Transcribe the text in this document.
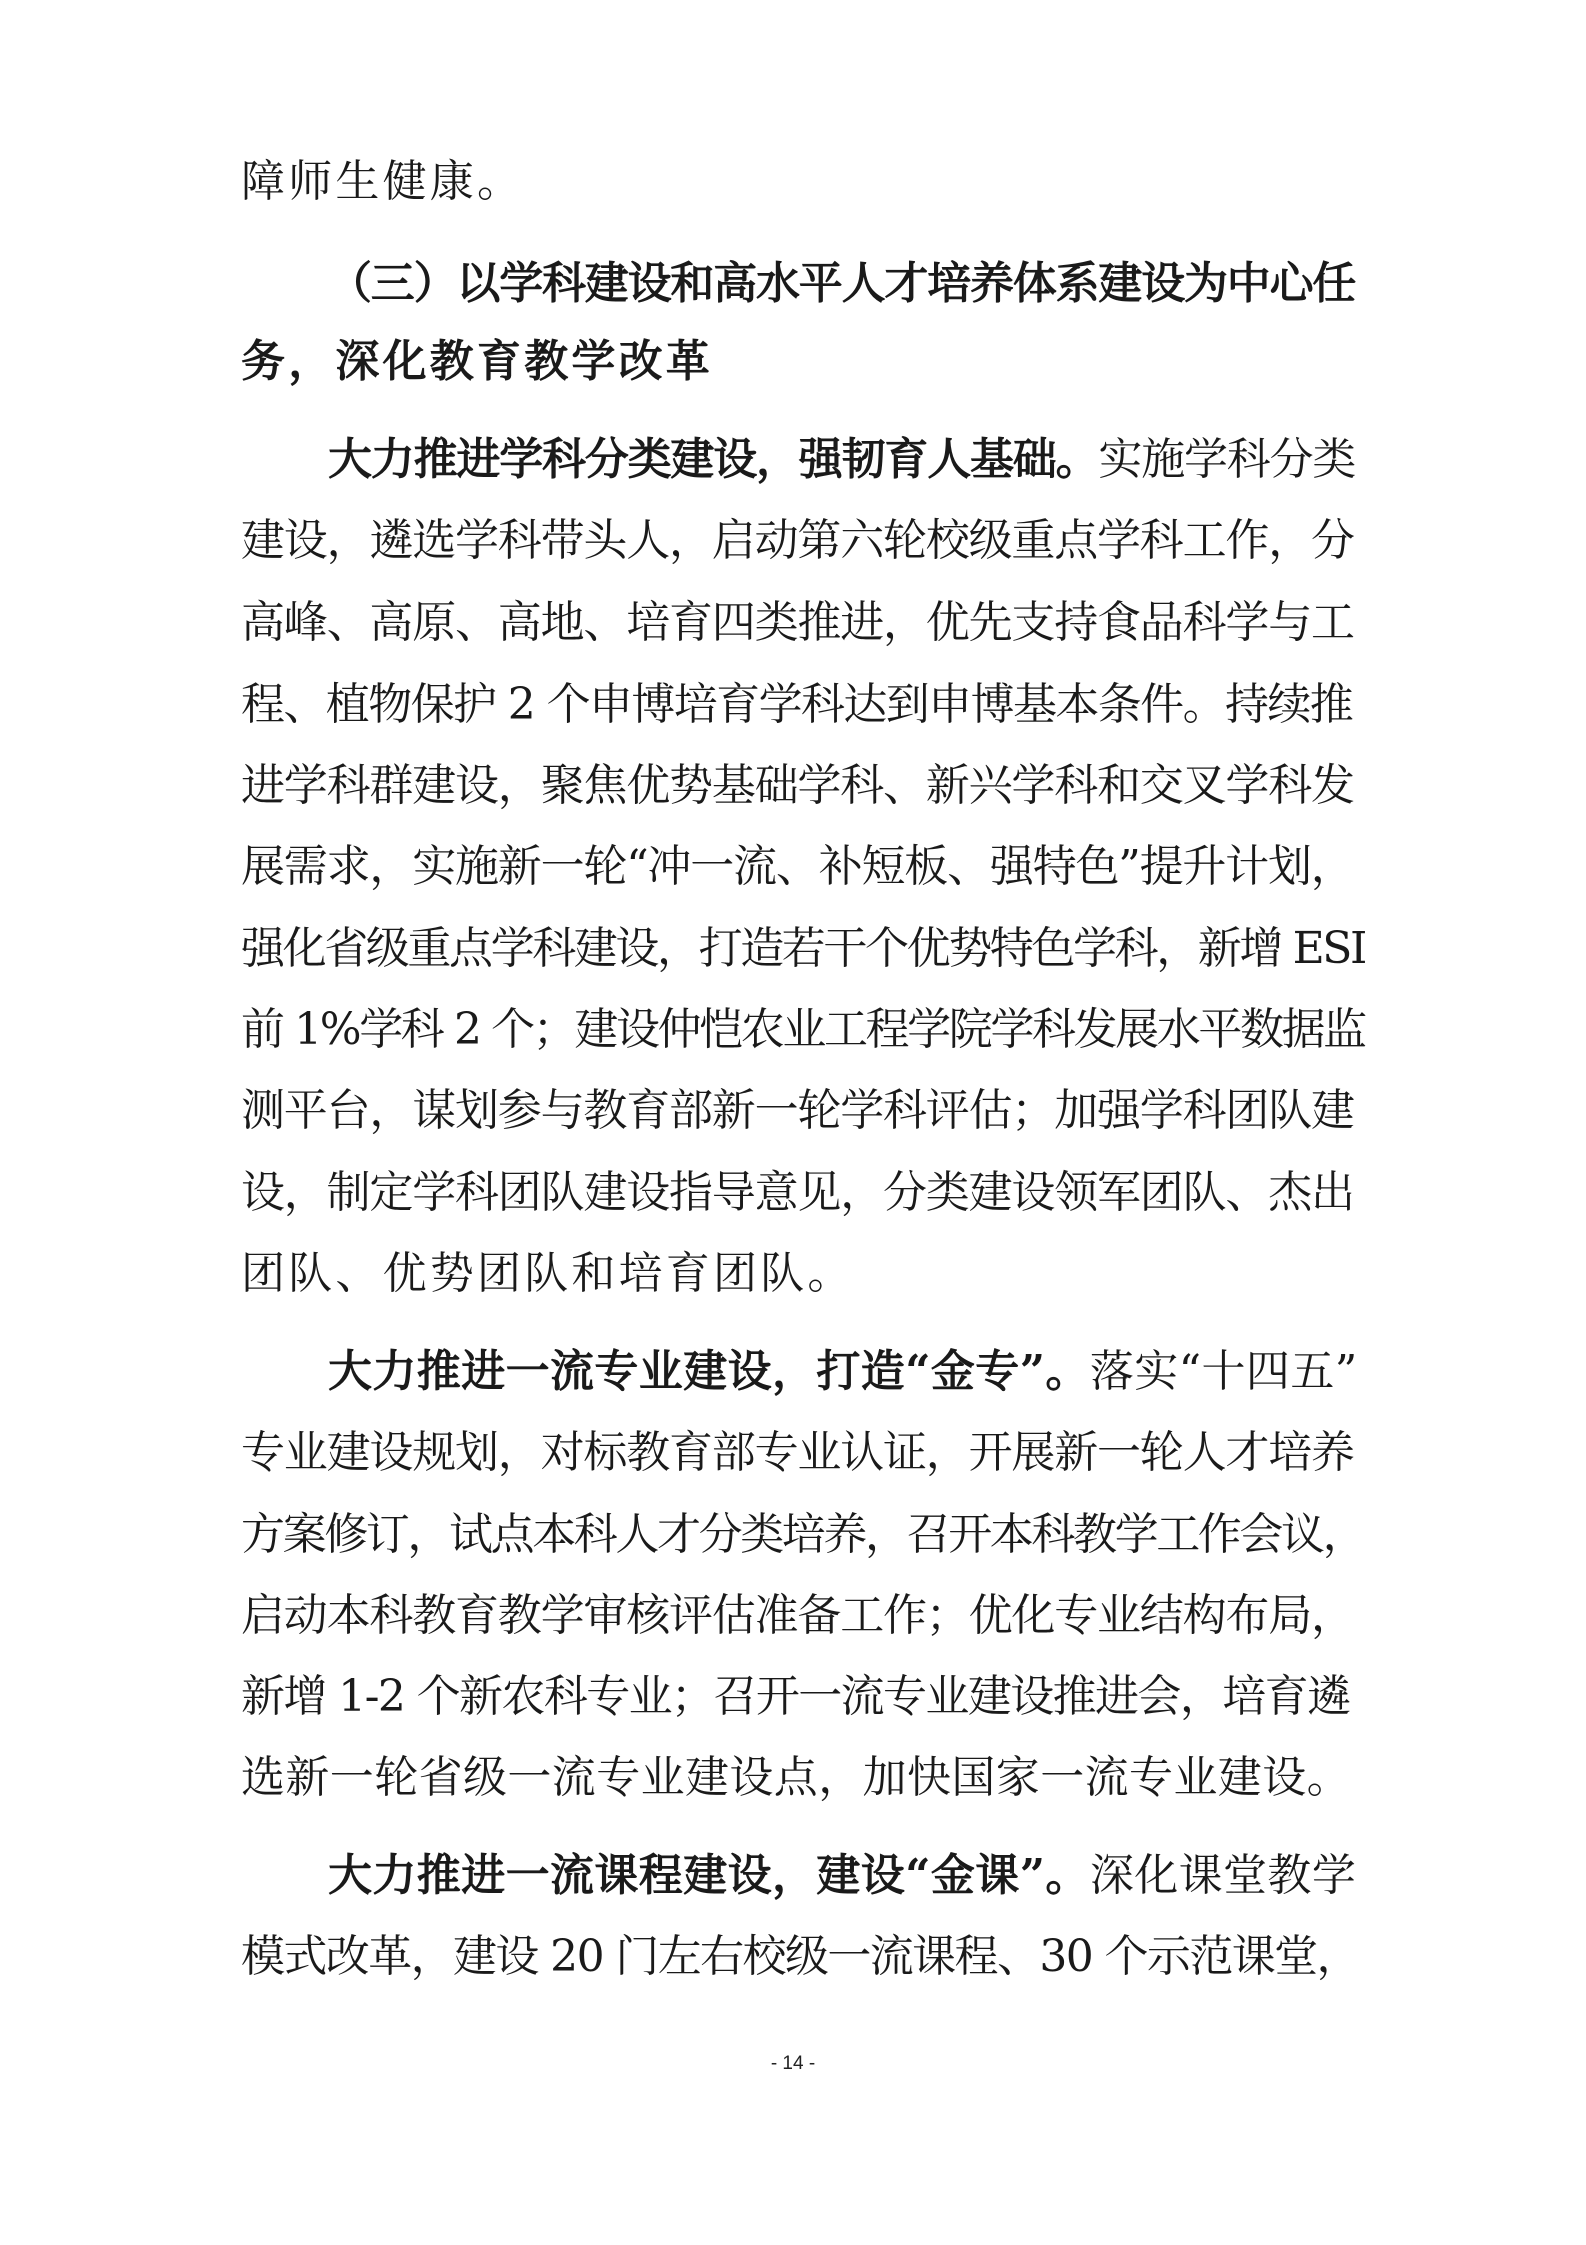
障师生健康。
（三）以学科建设和高水平人才培养体系建设为中心任
务，深化教育教学改革
大力推进学科分类建设，强韧育人基础。实施学科分类
建设，遴选学科带头人，启动第六轮校级重点学科工作，分
高峰、高原、高地、培育四类推进，优先支持食品科学与工
程、植物保护 2 个申博培育学科达到申博基本条件。持续推
进学科群建设，聚焦优势基础学科、新兴学科和交叉学科发
展需求，实施新一轮“冲一流、补短板、强特色”提升计划，
强化省级重点学科建设，打造若干个优势特色学科，新增 ESI
前 1%学科 2 个；建设仲恺农业工程学院学科发展水平数据监
测平台，谋划参与教育部新一轮学科评估；加强学科团队建
设，制定学科团队建设指导意见，分类建设领军团队、杰出
团队、优势团队和培育团队。
大力推进一流专业建设，打造“金专”。落实“十四五”
专业建设规划，对标教育部专业认证，开展新一轮人才培养
方案修订，试点本科人才分类培养，召开本科教学工作会议，
启动本科教育教学审核评估准备工作；优化专业结构布局，
新增 1-2 个新农科专业；召开一流专业建设推进会，培育遴
选新一轮省级一流专业建设点，加快国家一流专业建设。
大力推进一流课程建设，建设“金课”。深化课堂教学
模式改革，建设 20 门左右校级一流课程、30 个示范课堂，
- 14 -
